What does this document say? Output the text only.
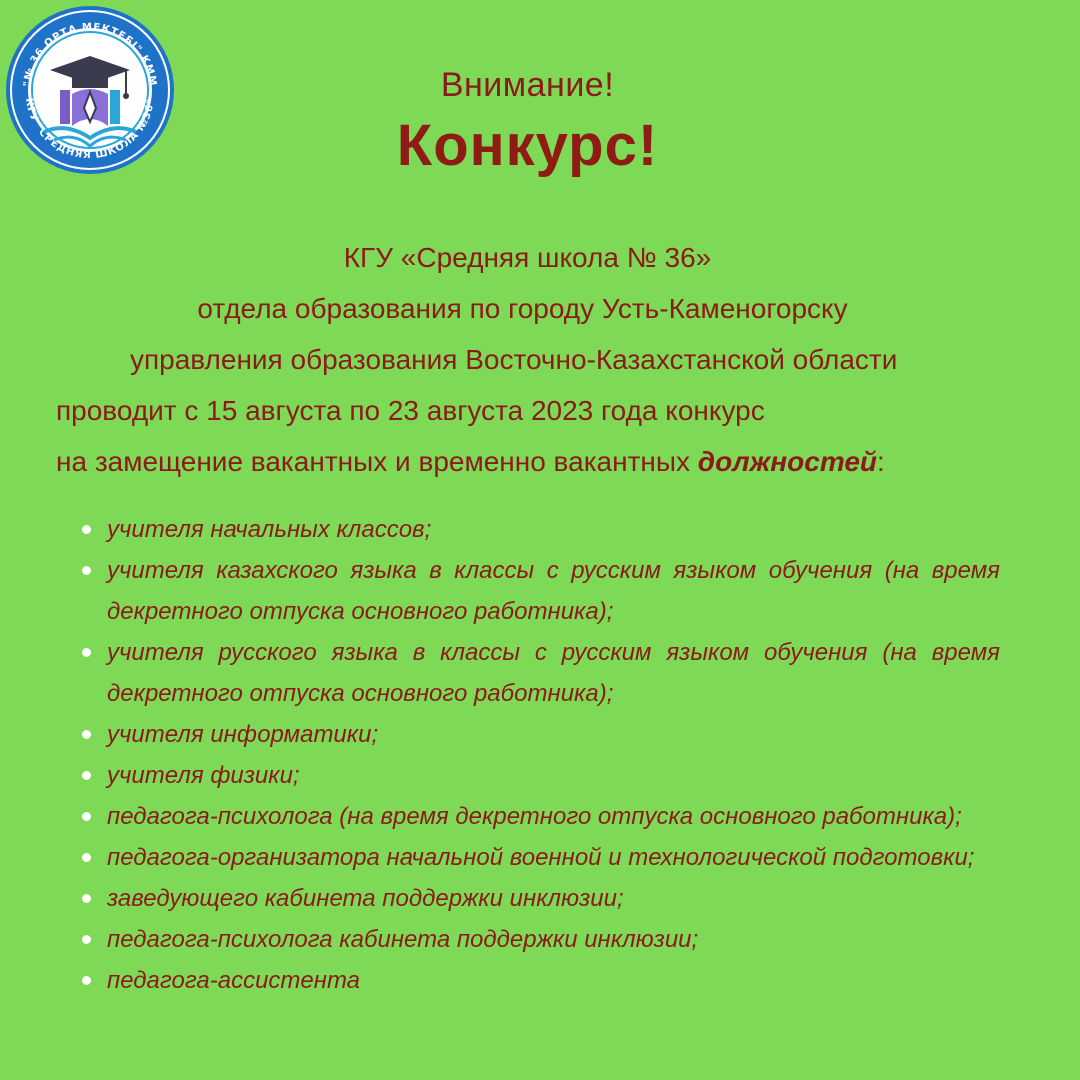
"№ 36 ОРТА МЕКТЕБІ" КММ
КГУ "СРЕДНЯЯ ШКОЛА №36"	Внимание!
Конкурс!
КГУ «Средняя школа № 36»
отдела образования по городу Усть-Каменогорску
управления образования Восточно-Казахстанской области
проводит с 15 августа по 23 августа 2023 года конкурс
на замещение вакантных и временно вакантных должностей:
учителя начальных классов;
учителя казахского языка в классы с русским языком обучения (на время декретного отпуска основного работника);
учителя русского языка в классы с русским языком обучения (на время декретного отпуска основного работника);
учителя информатики;
учителя физики;
педагога-психолога (на время декретного отпуска основного работника);
педагога-организатора начальной военной и технологической подготовки;
заведующего кабинета поддержки инклюзии;
педагога-психолога кабинета поддержки инклюзии;
педагога-ассистента
